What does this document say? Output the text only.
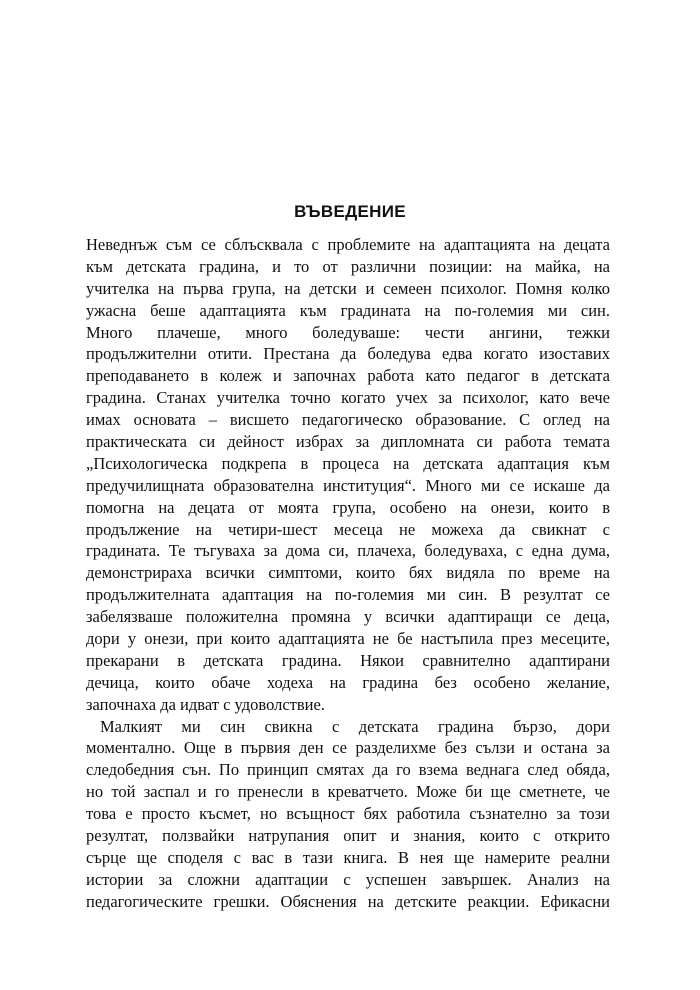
ВЪВЕДЕНИЕ
Неведнъж съм се сблъсквала с проблемите на адаптацията на децата
към детската градина, и то от различни позиции: на майка, на
учителка на първа група, на детски и семеен психолог. Помня колко
ужасна беше адаптацията към градината на по-големия ми син.
Много плачеше, много боледуваше: чести ангини, тежки
продължителни отити. Престана да боледува едва когато изоставих
преподаването в колеж и започнах работа като педагог в детската
градина. Станах учителка точно когато учех за психолог, като вече
имах основата – висшето педагогическо образование. С оглед на
практическата си дейност избрах за дипломната си работа темата
„Психологическа подкрепа в процеса на детската адаптация към
предучилищната образователна институция“. Много ми се искаше да
помогна на децата от моята група, особено на онези, които в
продължение на четири-шест месеца не можеха да свикнат с
градината. Те тъгуваха за дома си, плачеха, боледуваха, с една дума,
демонстрираха всички симптоми, които бях видяла по време на
продължителната адаптация на по-големия ми син. В резултат се
забелязваше положителна промяна у всички адаптиращи се деца,
дори у онези, при които адаптацията не бе настъпила през месеците,
прекарани в детската градина. Някои сравнително адаптирани
дечица, които обаче ходеха на градина без особено желание,
започнаха да идват с удоволствие.
Малкият ми син свикна с детската градина бързо, дори
моментално. Още в първия ден се разделихме без сълзи и остана за
следобедния сън. По принцип смятах да го взема веднага след обяда,
но той заспал и го пренесли в креватчето. Може би ще сметнете, че
това е просто късмет, но всъщност бях работила съзнателно за този
резултат, ползвайки натрупания опит и знания, които с открито
сърце ще споделя с вас в тази книга. В нея ще намерите реални
истории за сложни адаптации с успешен завършек. Анализ на
педагогическите грешки. Обяснения на детските реакции. Ефикасни
